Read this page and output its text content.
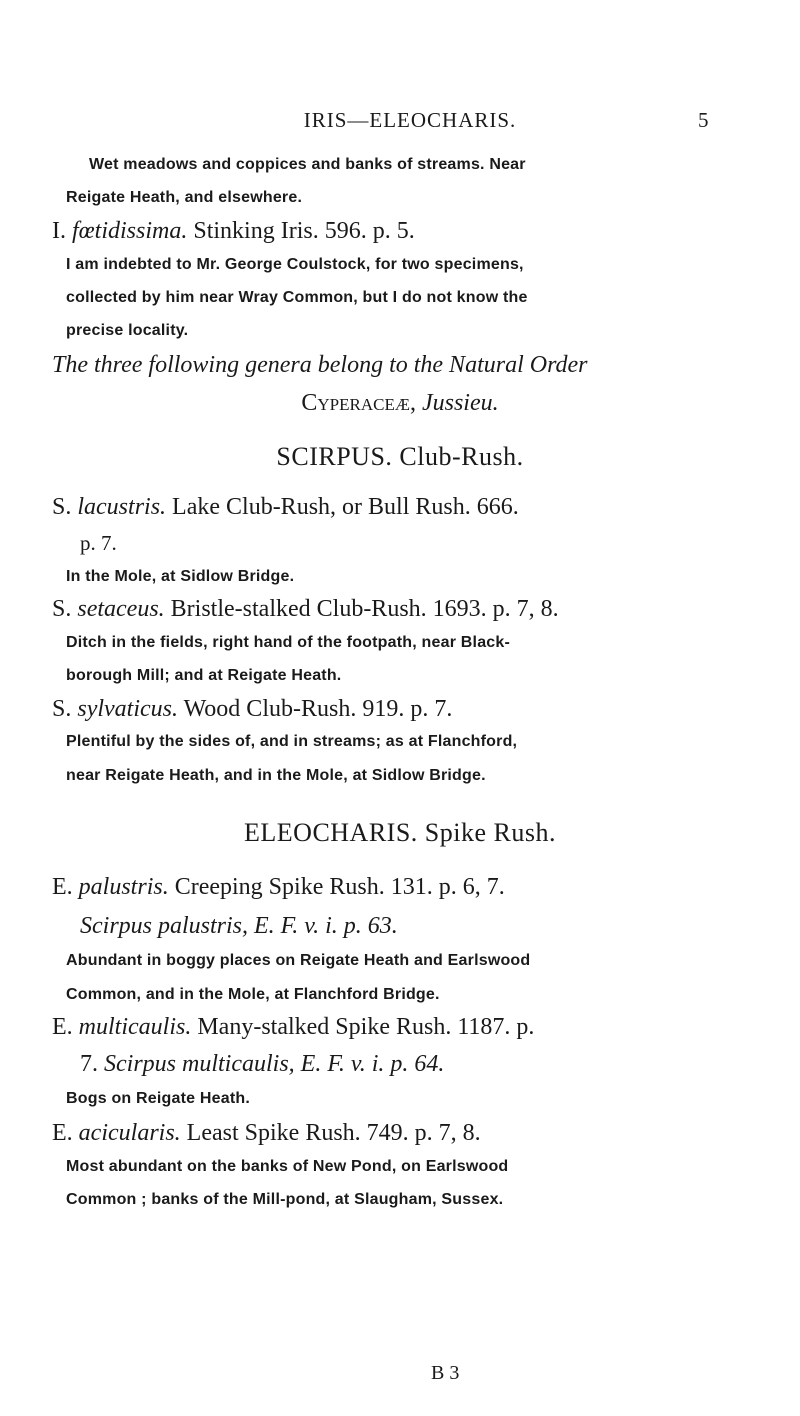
IRIS—ELEOCHARIS.	5
Wet meadows and coppices and banks of streams. Near
Reigate Heath, and elsewhere.
I. fœtidissima. Stinking Iris. 596. p. 5.
I am indebted to Mr. George Coulstock, for two specimens,
collected by him near Wray Common, but I do not know the
precise locality.
The three following genera belong to the Natural Order
Cyperaceæ, Jussieu.
SCIRPUS. Club-Rush.
S. lacustris. Lake Club-Rush, or Bull Rush. 666.
p. 7.
In the Mole, at Sidlow Bridge.
S. setaceus. Bristle-stalked Club-Rush. 1693. p. 7, 8.
Ditch in the fields, right hand of the footpath, near Black-
borough Mill; and at Reigate Heath.
S. sylvaticus. Wood Club-Rush. 919. p. 7.
Plentiful by the sides of, and in streams; as at Flanchford,
near Reigate Heath, and in the Mole, at Sidlow Bridge.
ELEOCHARIS. Spike Rush.
E. palustris. Creeping Spike Rush. 131. p. 6, 7.
Scirpus palustris, E. F. v. i. p. 63.
Abundant in boggy places on Reigate Heath and Earlswood
Common, and in the Mole, at Flanchford Bridge.
E. multicaulis. Many-stalked Spike Rush. 1187. p.
7. Scirpus multicaulis, E. F. v. i. p. 64.
Bogs on Reigate Heath.
E. acicularis. Least Spike Rush. 749. p. 7, 8.
Most abundant on the banks of New Pond, on Earlswood
Common ; banks of the Mill-pond, at Slaugham, Sussex.
B 3
